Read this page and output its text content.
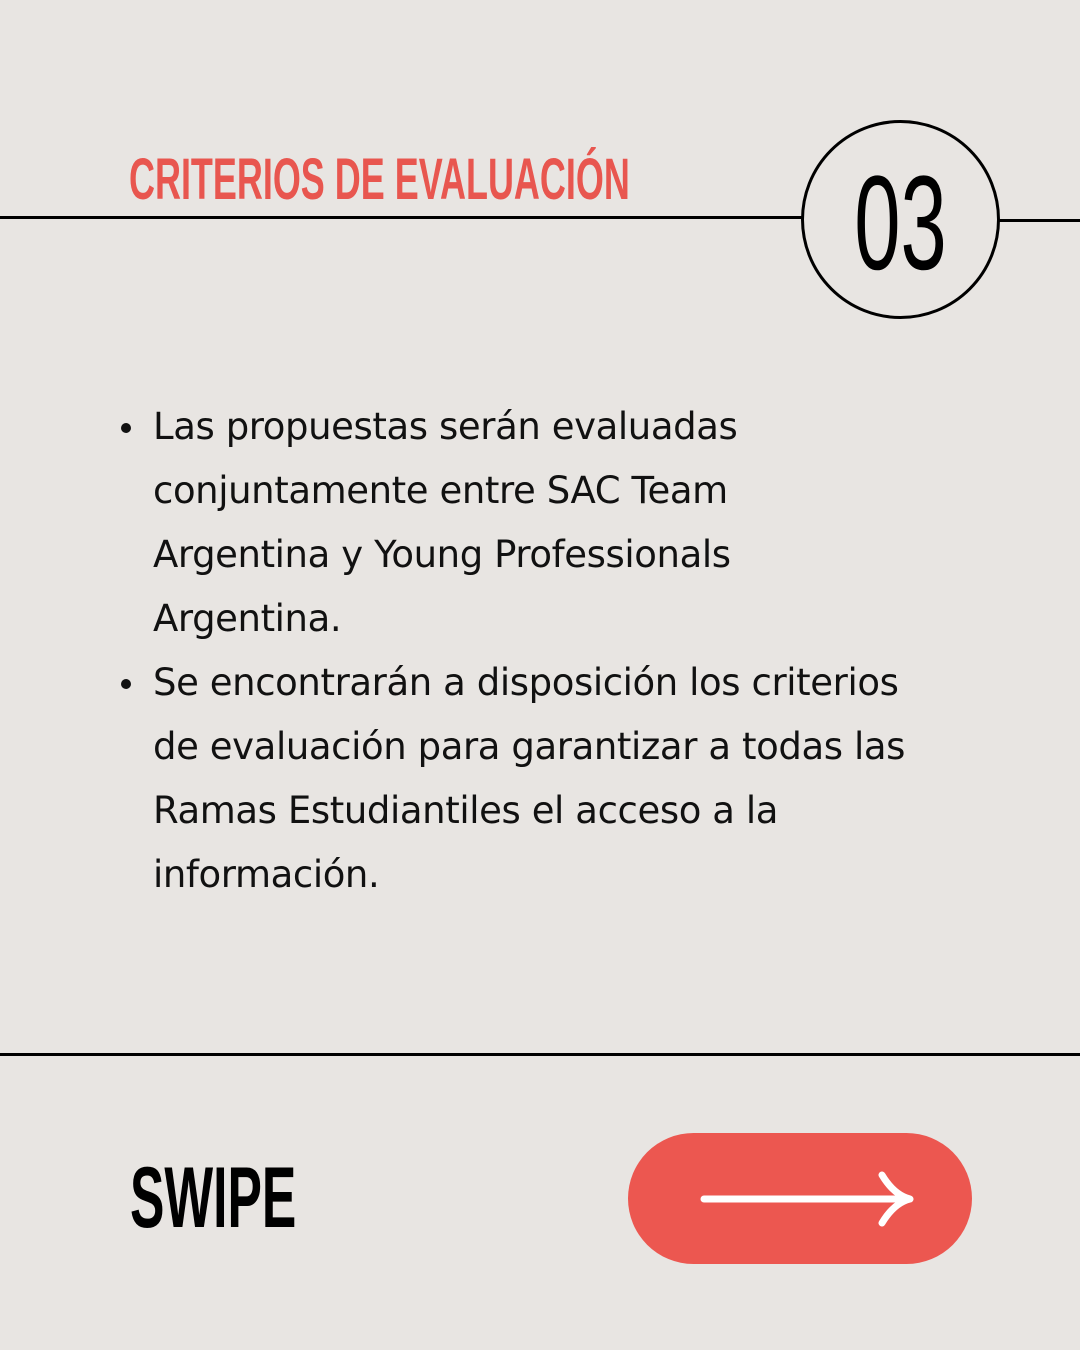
CRITERIOS DE EVALUACIÓN 03
Las propuestas serán evaluadas
conjuntamente entre SAC Team
Argentina y Young Professionals
Argentina.
Se encontrarán a disposición los criterios
de evaluación para garantizar a todas las
Ramas Estudiantiles el acceso a la
información.
SWIPE
